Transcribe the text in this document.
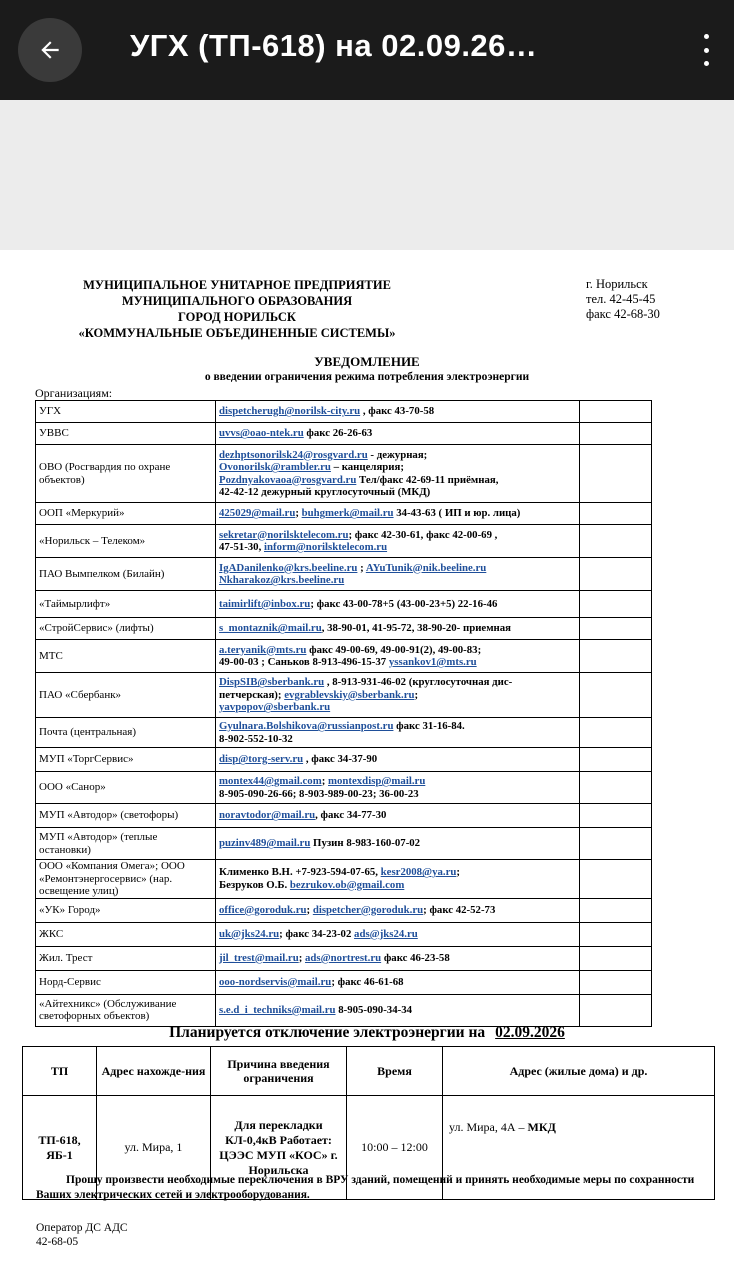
УГХ (ТП-618) на 02.09.26…
МУНИЦИПАЛЬНОЕ УНИТАРНОЕ ПРЕДПРИЯТИЕ
МУНИЦИПАЛЬНОГО ОБРАЗОВАНИЯ
ГОРОД НОРИЛЬСК
«КОММУНАЛЬНЫЕ ОБЪЕДИНЕННЫЕ СИСТЕМЫ»
г. Норильск
тел. 42-45-45
факс 42-68-30
УВЕДОМЛЕНИЕ
о введении ограничения режима потребления электроэнергии
Организациям:
УГХ	dispetcherugh@norilsk-city.ru , факс 43-70-58	

УВВС	uvvs@oao-ntek.ru факс 26-26-63	

ОВО (Росгвардия по охране объектов)	dezhptsonorilsk24@rosgvard.ru - дежурная;
Ovonorilsk@rambler.ru – канцелярия;
Pozdnyakovaoa@rosgvard.ru Тел/факс 42-69-11 приёмная,
42-42-12 дежурный круглосуточный (МКД)	

ООП «Меркурий»	425029@mail.ru; buhgmerk@mail.ru 34-43-63 ( ИП и юр. лица)	

«Норильск – Телеком»	sekretar@norilsktelecom.ru; факс 42-30-61, факс 42-00-69 ,
47-51-30, inform@norilsktelecom.ru	

ПАО Вымпелком (Билайн)	IgADanilenko@krs.beeline.ru ; AYuTunik@nik.beeline.ru
Nkharakoz@krs.beeline.ru	

«Таймырлифт»	taimirlift@inbox.ru; факс 43-00-78+5 (43-00-23+5) 22-16-46	

«СтройСервис» (лифты)	s_montaznik@mail.ru, 38-90-01, 41-95-72, 38-90-20- приемная	

МТС	a.teryanik@mts.ru факс 49-00-69, 49-00-91(2), 49-00-83;
49-00-03 ; Саньков 8-913-496-15-37 yssankov1@mts.ru	

ПАО «Сбербанк»	DispSIB@sberbank.ru , 8-913-931-46-02 (круглосуточная дис-
петчерская); evgrablevskiy@sberbank.ru;
yavpopov@sberbank.ru	

Почта (центральная)	Gyulnara.Bolshikova@russianpost.ru факс 31-16-84.
8-902-552-10-32	

МУП «ТоргСервис»	disp@torg-serv.ru , факс 34-37-90	

ООО «Санор»	montex44@gmail.com; montexdisp@mail.ru
8-905-090-26-66; 8-903-989-00-23; 36-00-23	

МУП «Автодор» (светофоры)	noravtodor@mail.ru, факс 34-77-30	

МУП «Автодор» (теплые остановки)	puzinv489@mail.ru Пузин 8-983-160-07-02	

ООО «Компания Омега»; ООО «Ремонтэнергосервис» (нар. освещение улиц)	Клименко В.Н. +7-923-594-07-65, kesr2008@ya.ru;
Безруков О.Б. bezrukov.ob@gmail.com	

«УК» Город»	office@goroduk.ru; dispetcher@goroduk.ru; факс 42-52-73	

ЖКС	uk@jks24.ru; факс 34-23-02 ads@jks24.ru	

Жил. Трест	jil_trest@mail.ru; ads@nortrest.ru факс 46-23-58	

Норд-Сервис	ooo-nordservis@mail.ru; факс 46-61-68	

«Айтехникс» (Обслуживание светофорных объектов)	s.e.d_i_techniks@mail.ru 8-905-090-34-34	

Планируется отключение электроэнергии на 02.09.2026
ТП	Адрес нахожде-ния	Причина введения ограничения	Время	Адрес (жилые дома) и др.
ТП-618, ЯБ-1	ул. Мира, 1	Для перекладки КЛ-0,4кВ Работает: ЦЭЭС МУП «КОС» г. Норильска	10:00 – 12:00	ул. Мира, 4А – МКД
Прошу произвести необходимые переключения в ВРУ зданий, помещений и принять необходимые меры по сохранности Ваших электрических сетей и электрооборудования.
Оператор ДС АДС
42-68-05
